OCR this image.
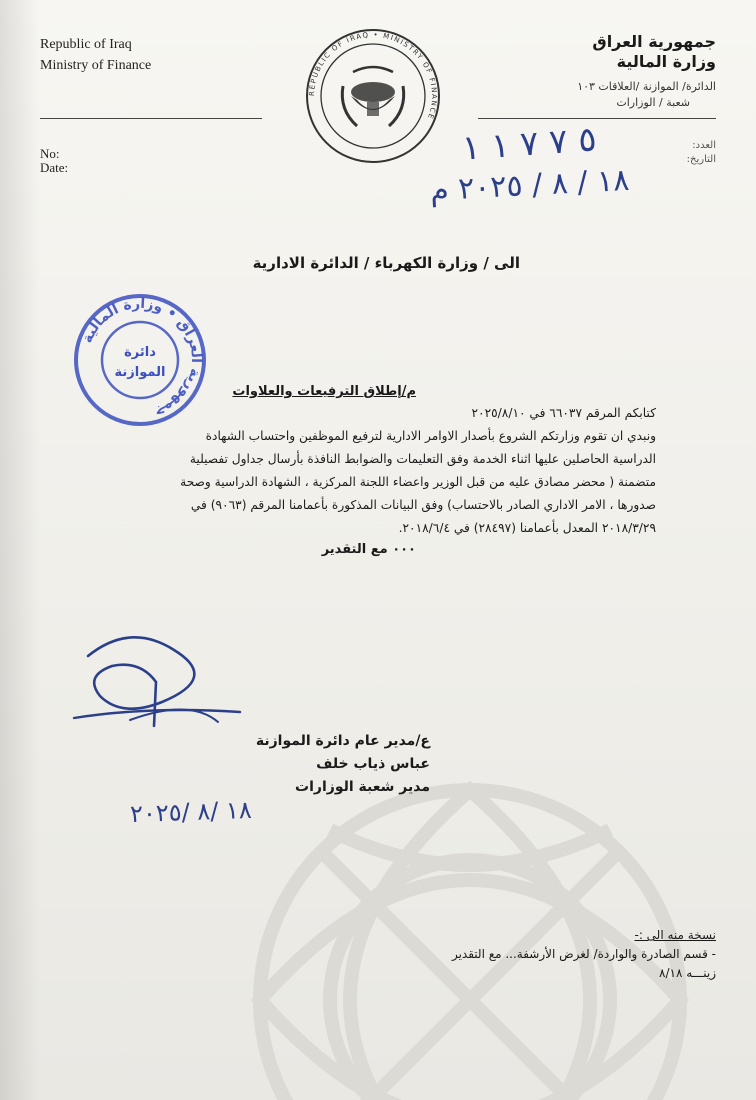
Republic of Iraq
Ministry of Finance
No:
Date:
REPUBLIC OF IRAQ • MINISTRY OF FINANCE
جمهورية العراق
وزارة المالية
الدائرة/ الموازنة /العلاقات ١٠٣
شعبة / الوزارات
العدد:
التاريخ:
٥ ٧ ٧ ١ ١
١٨ / ٨ / ٢٠٢٥ م
الى / وزارة الكهرباء / الدائرة الادارية
جمهورية العراق • وزارة المالية
دائرة
الموازنة
م/إطلاق الترفيعات والعلاوات
كتابكم المرقم ٦٦٠٣٧ في ٢٠٢٥/٨/١٠
ونبدي ان تقوم وزارتكم الشروع بأصدار الاوامر الادارية لترفيع الموظفين واحتساب الشهادة
الدراسية الحاصلين عليها اثناء الخدمة وفق التعليمات والضوابط النافذة بأرسال جداول تفصيلية
متضمنة ( محضر مصادق عليه من قبل الوزير واعضاء اللجنة المركزية ، الشهادة الدراسية وصحة
صدورها ، الامر الاداري الصادر بالاحتساب) وفق البيانات المذكورة بأعمامنا المرقم (٩٠٦٣) في
٢٠١٨/٣/٢٩ المعدل بأعمامنا (٢٨٤٩٧) في ٢٠١٨/٦/٤.
٠٠٠ مع التقدير
ع/مدير عام دائرة الموازنة
عباس ذياب خلف
مدير شعبة الوزارات
١٨ /٨ /٢٠٢٥
نسخة منه الى :-
- قسم الصادرة والواردة/ لغرض الأرشفة... مع التقدير
زينـــه ٨/١٨
